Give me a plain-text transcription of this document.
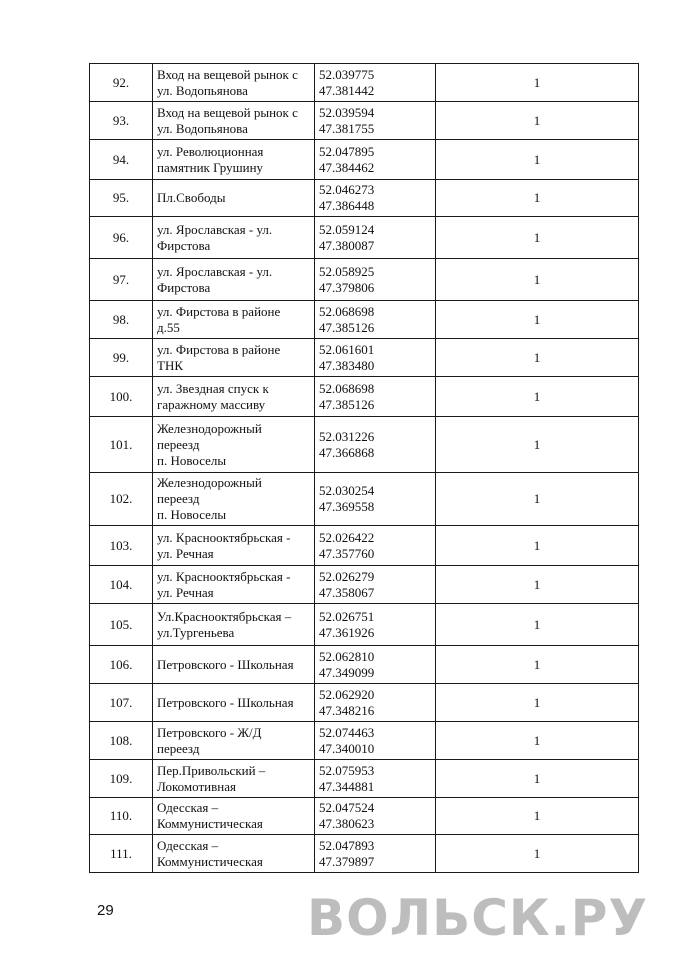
92.	Вход на вещевой рынок с
ул. Водопьянова	52.039775
47.381442	1
93.	Вход на вещевой рынок с
ул. Водопьянова	52.039594
47.381755	1
94.	ул. Революционная
памятник Грушину	52.047895
47.384462	1
95.	Пл.Свободы	52.046273
47.386448	1
96.	ул. Ярославская - ул.
Фирстова	52.059124
47.380087	1
97.	ул. Ярославская - ул.
Фирстова	52.058925
47.379806	1
98.	ул. Фирстова в районе
д.55	52.068698
47.385126	1
99.	ул. Фирстова в районе
ТНК	52.061601
47.383480	1
100.	ул. Звездная спуск к
гаражному массиву	52.068698
47.385126	1
101.	Железнодорожный
переезд
п. Новоселы	52.031226
47.366868	1
102.	Железнодорожный
переезд
п. Новоселы	52.030254
47.369558	1
103.	ул. Краснооктябрьская -
ул. Речная	52.026422
47.357760	1
104.	ул. Краснооктябрьская -
ул. Речная	52.026279
47.358067	1
105.	Ул.Краснооктябрьская –
ул.Тургеньева	52.026751
47.361926	1
106.	Петровского - Школьная	52.062810
47.349099	1
107.	Петровского - Школьная	52.062920
47.348216	1
108.	Петровского - Ж/Д
переезд	52.074463
47.340010	1
109.	Пер.Привольский –
Локомотивная	52.075953
47.344881	1
110.	Одесская –
Коммунистическая	52.047524
47.380623	1
111.	Одесская –
Коммунистическая	52.047893
47.379897	1
29	ВОЛЬСК.РУ
